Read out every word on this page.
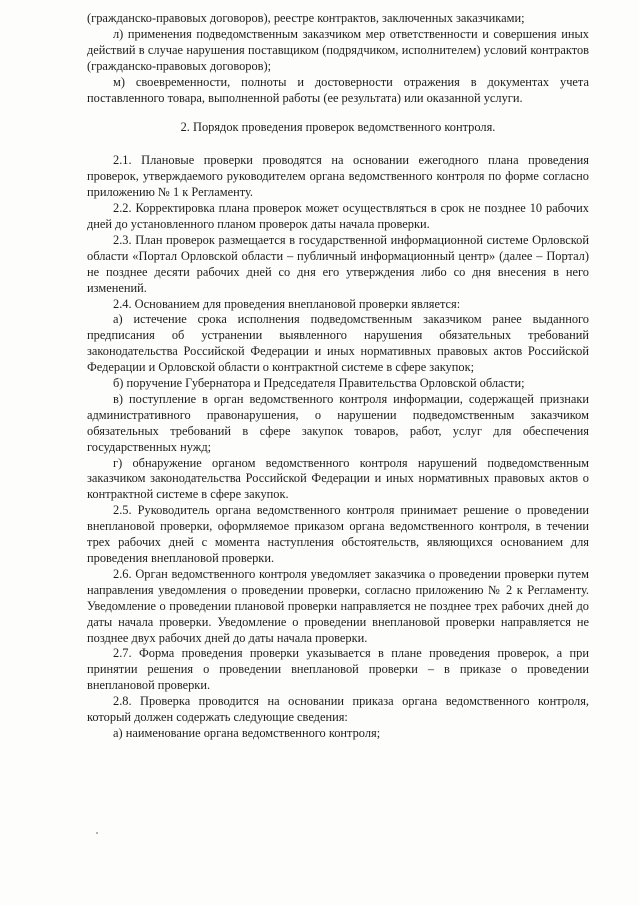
(гражданско-правовых договоров), реестре контрактов, заключенных заказчиками;

л) применения подведомственным заказчиком мер ответственности и совершения иных действий в случае нарушения поставщиком (подрядчиком, исполнителем) условий контрактов (гражданско-правовых договоров);

м) своевременности, полноты и достоверности отражения в документах учета поставленного товара, выполненной работы (ее результата) или оказанной услуги.

2. Порядок проведения проверок ведомственного контроля.

2.1. Плановые проверки проводятся на основании ежегодного плана проведения проверок, утверждаемого руководителем органа ведомственного контроля по форме согласно приложению № 1 к Регламенту.

2.2. Корректировка плана проверок может осуществляться в срок не позднее 10 рабочих дней до установленного планом проверок даты начала проверки.

2.3. План проверок размещается в государственной информационной системе Орловской области «Портал Орловской области – публичный информационный центр» (далее – Портал) не позднее десяти рабочих дней со дня его утверждения либо со дня внесения в него изменений.

2.4. Основанием для проведения внеплановой проверки является:

а) истечение срока исполнения подведомственным заказчиком ранее выданного предписания об устранении выявленного нарушения обязательных требований законодательства Российской Федерации и иных нормативных правовых актов Российской Федерации и Орловской области о контрактной системе в сфере закупок;

б) поручение Губернатора и Председателя Правительства Орловской области;

в) поступление в орган ведомственного контроля информации, содержащей признаки административного правонарушения, о нарушении подведомственным заказчиком обязательных требований в сфере закупок товаров, работ, услуг для обеспечения государственных нужд;

г) обнаружение органом ведомственного контроля нарушений подведомственным заказчиком законодательства Российской Федерации и иных нормативных правовых актов о контрактной системе в сфере закупок.

2.5. Руководитель органа ведомственного контроля принимает решение о проведении внеплановой проверки, оформляемое приказом органа ведомственного контроля, в течении трех рабочих дней с момента наступления обстоятельств, являющихся основанием для проведения внеплановой проверки.

2.6. Орган ведомственного контроля уведомляет заказчика о проведении проверки путем направления уведомления о проведении проверки, согласно приложению № 2 к Регламенту. Уведомление о проведении плановой проверки направляется не позднее трех рабочих дней до даты начала проверки. Уведомление о проведении внеплановой проверки направляется не позднее двух рабочих дней до даты начала проверки.

2.7. Форма проведения проверки указывается в плане проведения проверок, а при принятии решения о проведении внеплановой проверки – в приказе о проведении внеплановой проверки.

2.8. Проверка проводится на основании приказа органа ведомственного контроля, который должен содержать следующие сведения:

а) наименование органа ведомственного контроля;
